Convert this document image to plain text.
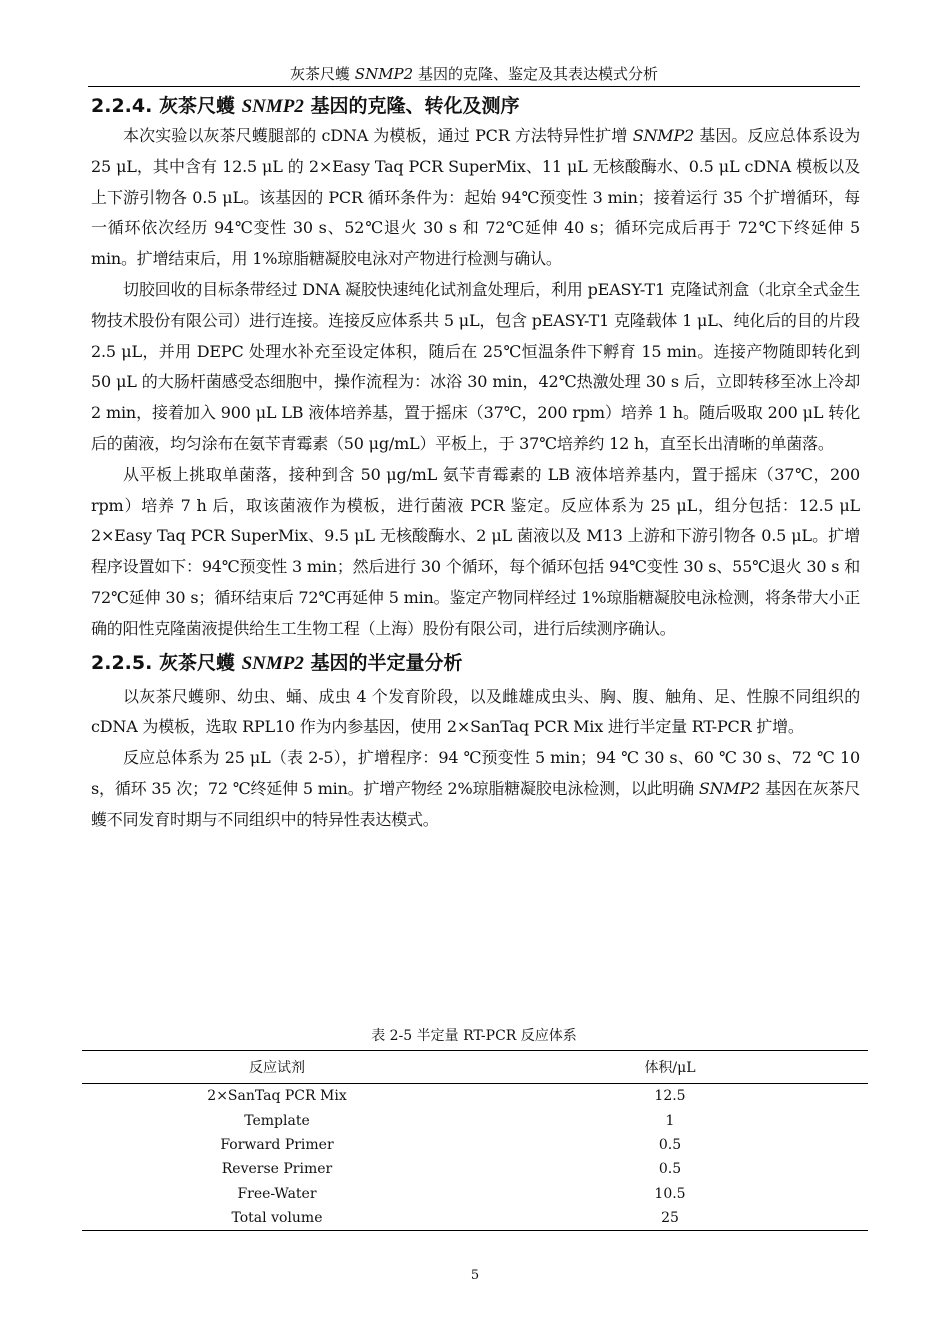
灰茶尺蠖 SNMP2 基因的克隆、鉴定及其表达模式分析
2.2.4. 灰茶尺蠖 SNMP2 基因的克隆、转化及测序

本次实验以灰茶尺蠖腿部的 cDNA 为模板，通过 PCR 方法特异性扩增 SNMP2 基因。反应总体系设为 25 μL，其中含有 12.5 μL 的 2×Easy Taq PCR SuperMix、11 μL 无核酸酶水、0.5 μL cDNA 模板以及上下游引物各 0.5 μL。该基因的 PCR 循环条件为：起始 94℃预变性 3 min；接着运行 35 个扩增循环，每一循环依次经历 94℃变性 30 s、52℃退火 30 s 和 72℃延伸 40 s；循环完成后再于 72℃下终延伸 5 min。扩增结束后，用 1%琼脂糖凝胶电泳对产物进行检测与确认。

切胶回收的目标条带经过 DNA 凝胶快速纯化试剂盒处理后，利用 pEASY-T1 克隆试剂盒（北京全式金生物技术股份有限公司）进行连接。连接反应体系共 5 μL，包含 pEASY-T1 克隆载体 1 μL、纯化后的目的片段 2.5 μL，并用 DEPC 处理水补充至设定体积，随后在 25℃恒温条件下孵育 15 min。连接产物随即转化到 50 μL 的大肠杆菌感受态细胞中，操作流程为：冰浴 30 min，42℃热激处理 30 s 后，立即转移至冰上冷却 2 min，接着加入 900 μL LB 液体培养基，置于摇床（37℃，200 rpm）培养 1 h。随后吸取 200 μL 转化后的菌液，均匀涂布在氨苄青霉素（50 μg/mL）平板上，于 37℃培养约 12 h，直至长出清晰的单菌落。

从平板上挑取单菌落，接种到含 50 μg/mL 氨苄青霉素的 LB 液体培养基内，置于摇床（37℃，200 rpm）培养 7 h 后，取该菌液作为模板，进行菌液 PCR 鉴定。反应体系为 25 μL，组分包括：12.5 μL 2×Easy Taq PCR SuperMix、9.5 μL 无核酸酶水、2 μL 菌液以及 M13 上游和下游引物各 0.5 μL。扩增程序设置如下：94℃预变性 3 min；然后进行 30 个循环，每个循环包括 94℃变性 30 s、55℃退火 30 s 和 72℃延伸 30 s；循环结束后 72℃再延伸 5 min。鉴定产物同样经过 1%琼脂糖凝胶电泳检测，将条带大小正确的阳性克隆菌液提供给生工生物工程（上海）股份有限公司，进行后续测序确认。

2.2.5. 灰茶尺蠖 SNMP2 基因的半定量分析

以灰茶尺蠖卵、幼虫、蛹、成虫 4 个发育阶段，以及雌雄成虫头、胸、腹、触角、足、性腺不同组织的 cDNA 为模板，选取 RPL10 作为内参基因，使用 2×SanTaq PCR Mix 进行半定量 RT-PCR 扩增。

反应总体系为 25 μL（表 2-5），扩增程序：94 ℃预变性 5 min；94 ℃ 30 s、60 ℃ 30 s、72 ℃ 10 s，循环 35 次；72 ℃终延伸 5 min。扩增产物经 2%琼脂糖凝胶电泳检测，以此明确 SNMP2 基因在灰茶尺蠖不同发育时期与不同组织中的特异性表达模式。

表 2-5 半定量 RT-PCR 反应体系
反应试剂	体积/μL
2×SanTaq PCR Mix	12.5
Template	1
Forward Primer	0.5
Reverse Primer	0.5
Free-Water	10.5
Total volume	25
5
